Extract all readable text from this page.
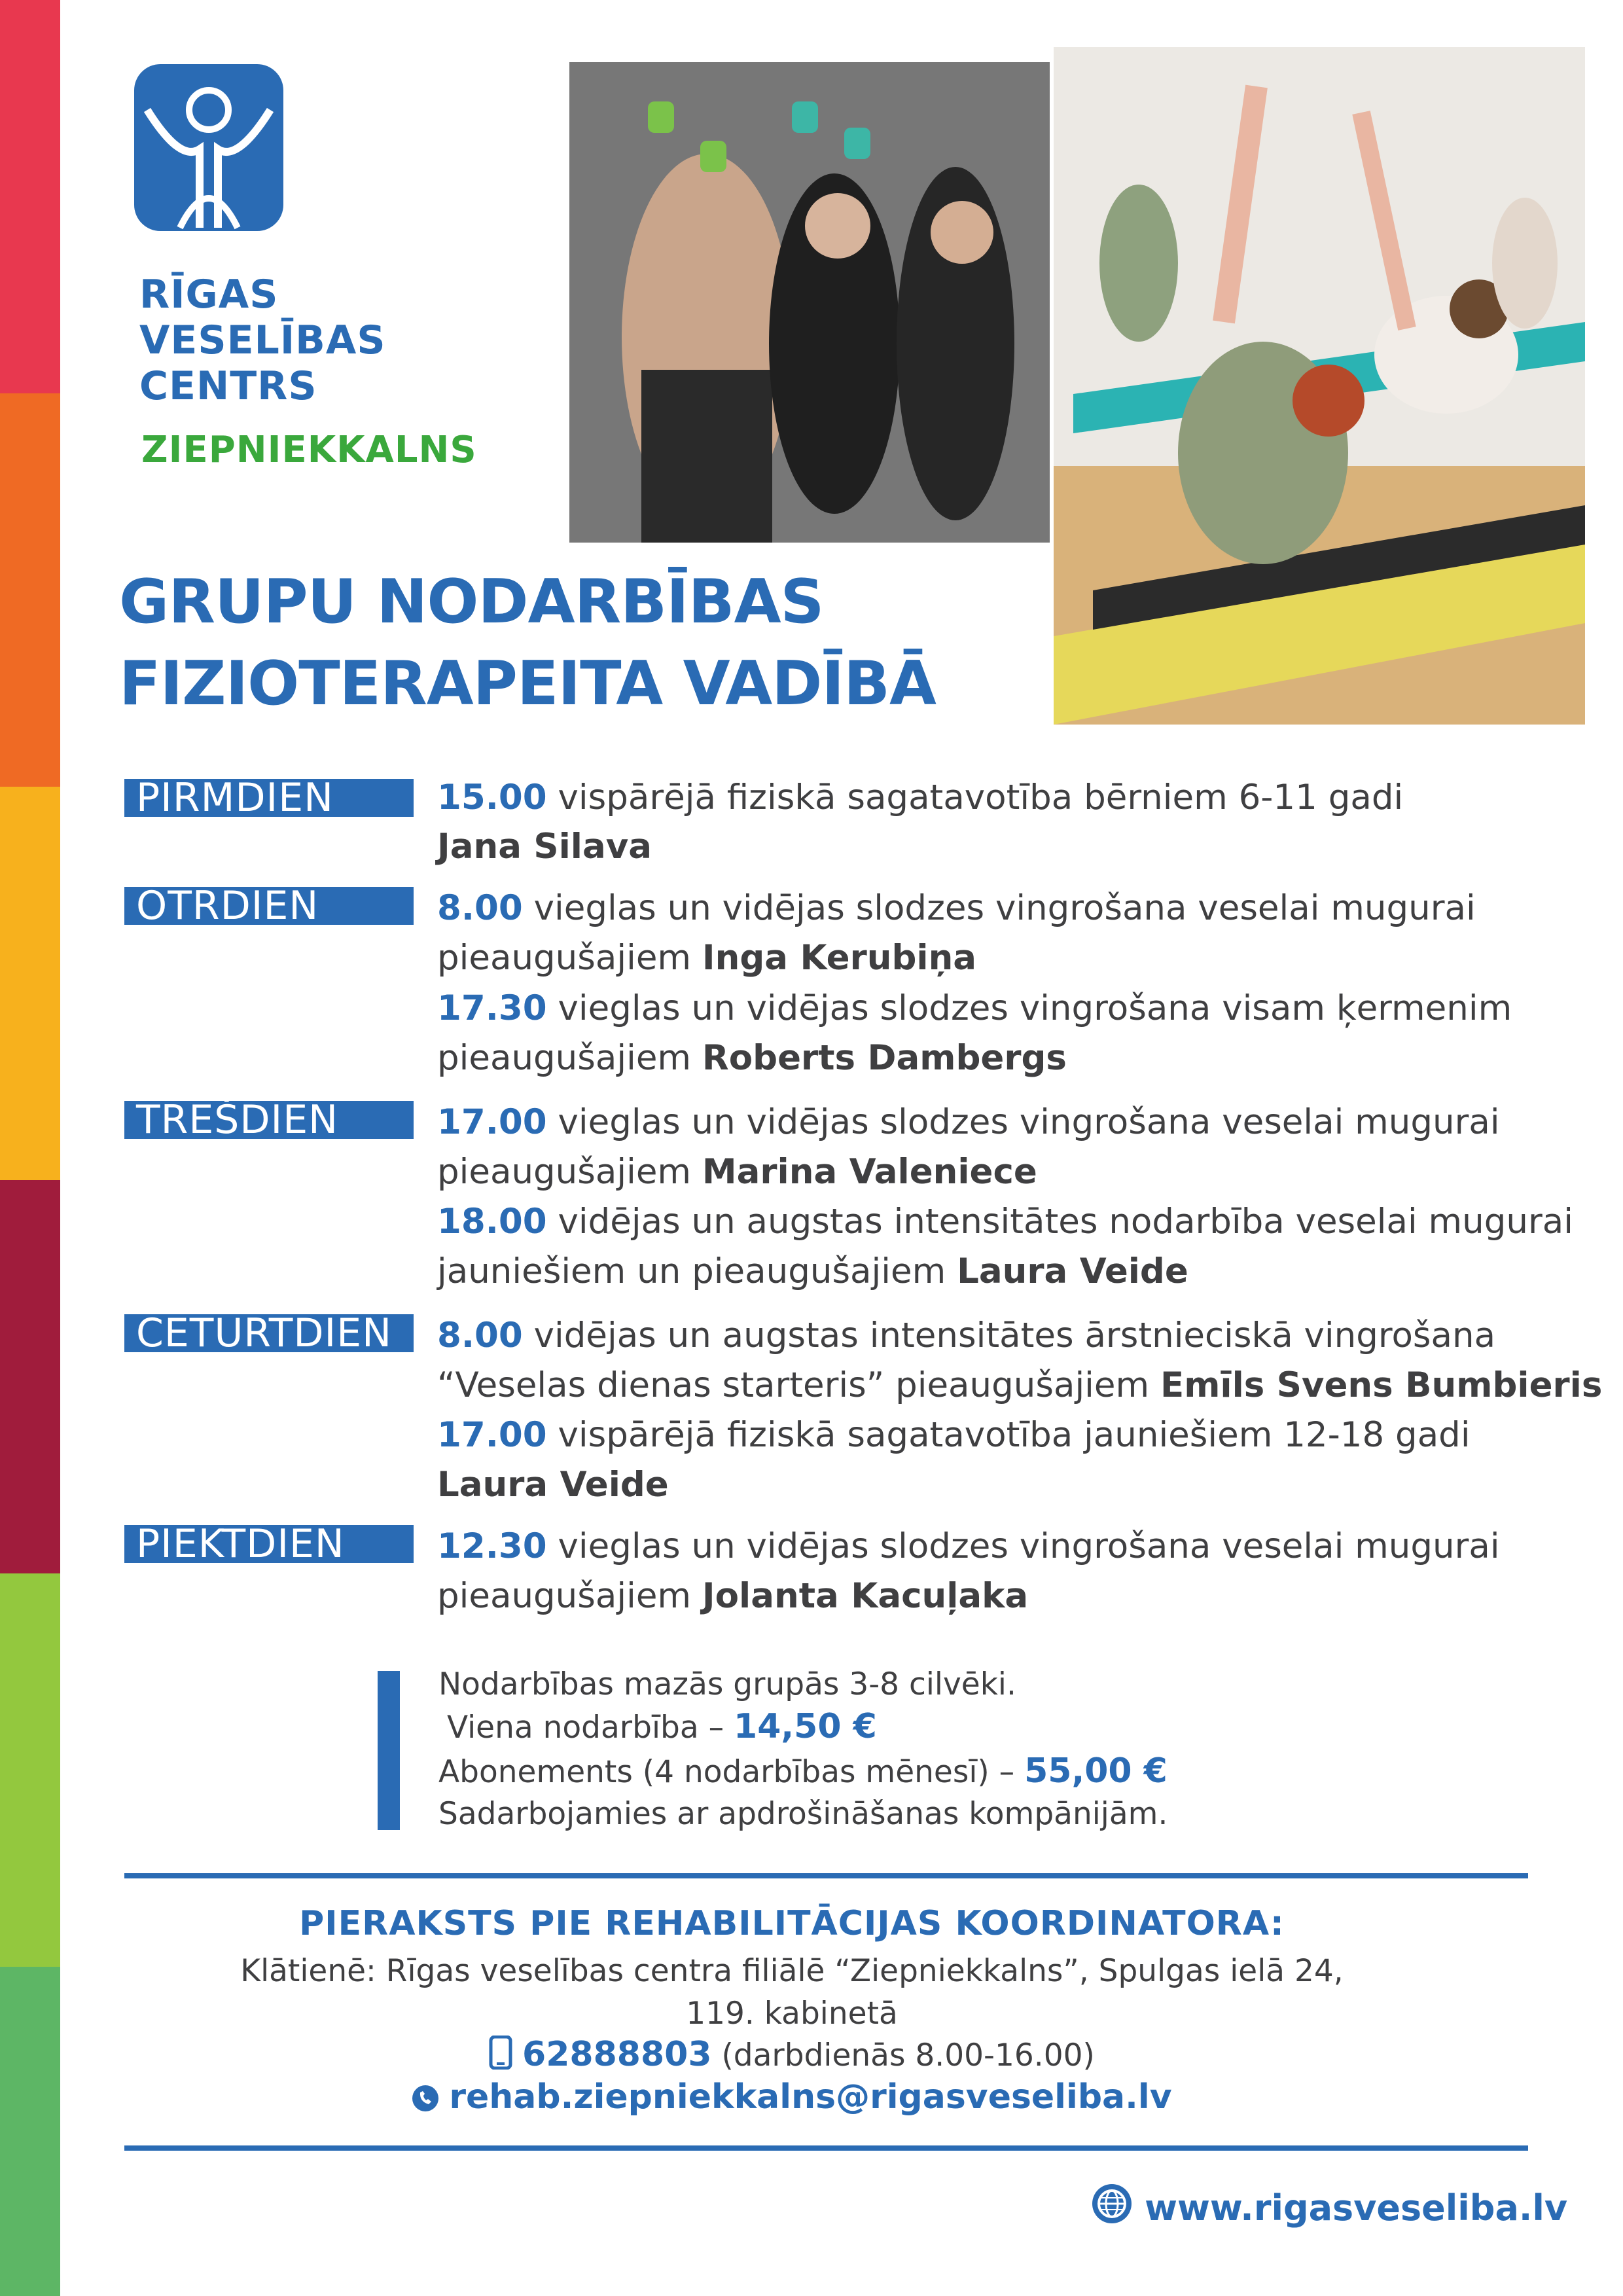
RĪGAS
VESELĪBAS
CENTRS
ZIEPNIEKKALNS
GRUPU NODARBĪBAS
FIZIOTERAPEITA VADĪBĀ
PIRMDIEN	15.00 vispārējā fiziskā sagatavotība bērniem 6-11 gadi
Jana Silava
OTRDIEN	8.00 vieglas un vidējas slodzes vingrošana veselai mugurai
pieaugušajiem Inga Kerubiņa
17.30 vieglas un vidējas slodzes vingrošana visam ķermenim
pieaugušajiem Roberts Dambergs
TREŠDIEN	17.00 vieglas un vidējas slodzes vingrošana veselai mugurai
pieaugušajiem Marina Valeniece
18.00 vidējas un augstas intensitātes nodarbība veselai mugurai
jauniešiem un pieaugušajiem Laura Veide
CETURTDIEN	8.00 vidējas un augstas intensitātes ārstnieciskā vingrošana
“Veselas dienas starteris” pieaugušajiem Emīls Svens Bumbieris
17.00 vispārējā fiziskā sagatavotība jauniešiem 12-18 gadi
Laura Veide
PIEKTDIEN	12.30 vieglas un vidējas slodzes vingrošana veselai mugurai
pieaugušajiem Jolanta Kacuļaka
Nodarbības mazās grupās 3-8 cilvēki.
Viena nodarbība – 14,50 €
Abonements (4 nodarbības mēnesī) – 55,00 €
Sadarbojamies ar apdrošināšanas kompānijām.
PIERAKSTS PIE REHABILITĀCIJAS KOORDINATORA:
Klātienē: Rīgas veselības centra filiālē “Ziepniekkalns”, Spulgas ielā 24,
119. kabinetā
62888803 (darbdienās 8.00-16.00)
rehab.ziepniekkalns@rigasveseliba.lv
www.rigasveseliba.lv
